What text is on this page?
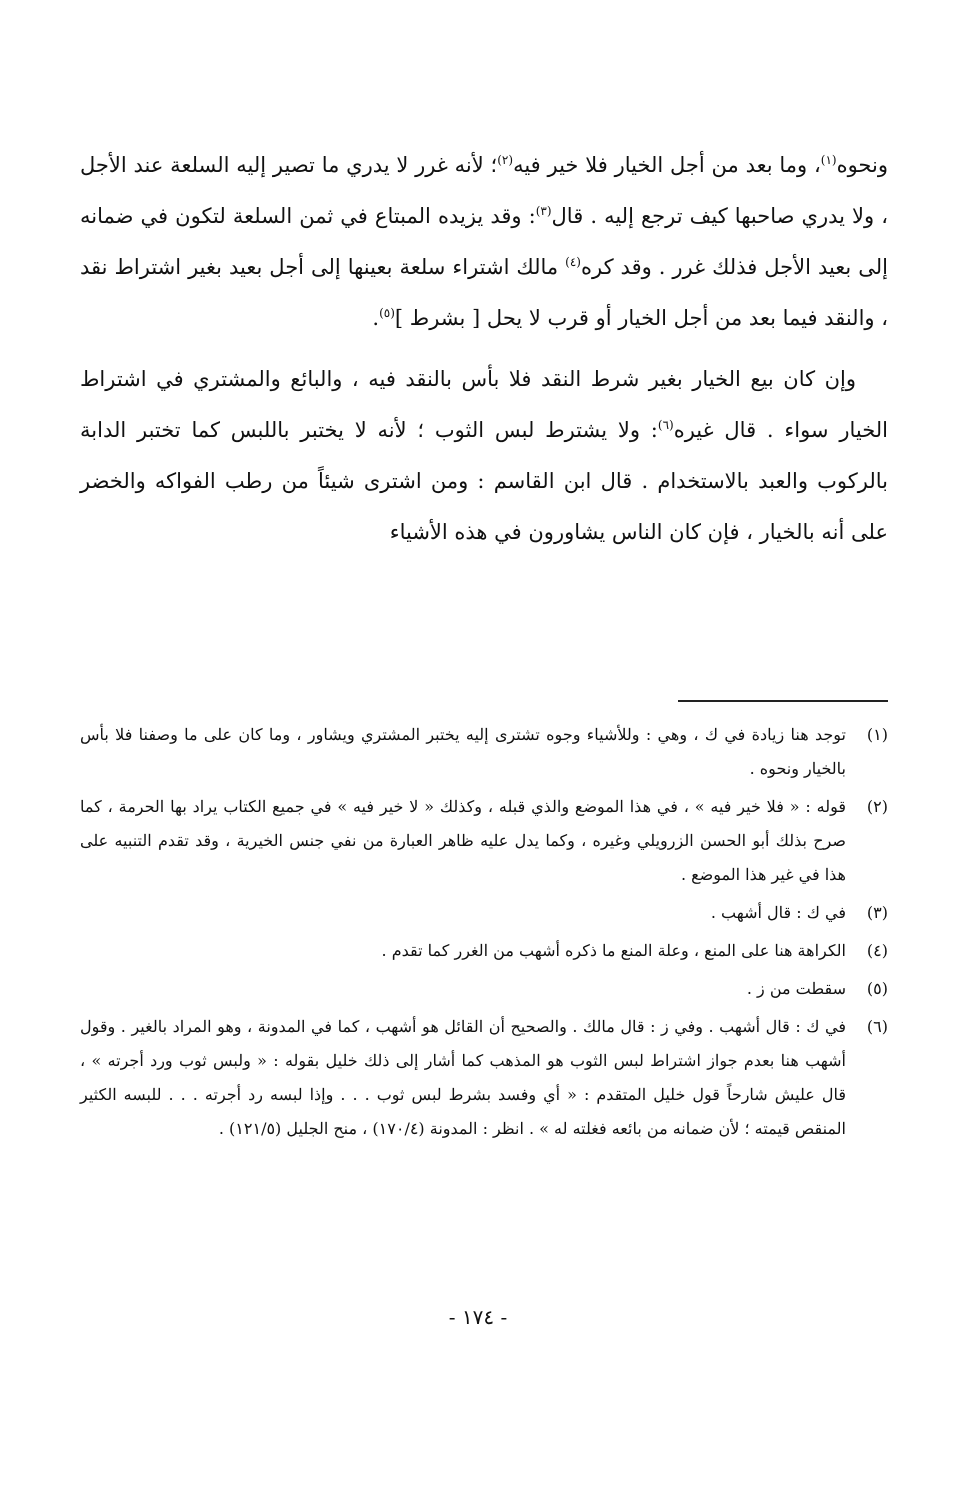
ونحوه$^{(١)}$، وما بعد من أجل الخيار فلا خير فيه$^{(٢)}$؛ لأنه غرر لا يدري ما تصير إليه السلعة عند الأجل ، ولا يدري صاحبها كيف ترجع إليه . قال$^{(٣)}$: وقد يزيده المبتاع في ثمن السلعة لتكون في ضمانه إلى بعيد الأجل فذلك غرر . وقد كره$^{(٤)}$ مالك اشتراء سلعة بعينها إلى أجل بعيد بغير اشتراط نقد ، والنقد فيما بعد من أجل الخيار أو قرب لا يحل [ بشرط ]$^{(٥)}$.

وإن كان بيع الخيار بغير شرط النقد فلا بأس بالنقد فيه ، والبائع والمشتري في اشتراط الخيار سواء . قال غيره$^{(٦)}$: ولا يشترط لبس الثوب ؛ لأنه لا يختبر باللبس كما تختبر الدابة بالركوب والعبد بالاستخدام . قال ابن القاسم : ومن اشترى شيئاً من رطب الفواكه والخضر على أنه بالخيار ، فإن كان الناس يشاورون في هذه الأشياء

(١)
توجد هنا زيادة في ك ، وهي : وللأشياء وجوه تشترى إليه يختبر المشتري ويشاور ، وما كان على ما وصفنا فلا بأس بالخيار ونحوه .
(٢)
قوله : « فلا خير فيه » ، في هذا الموضع والذي قبله ، وكذلك « لا خير فيه » في جميع الكتاب يراد بها الحرمة ، كما صرح بذلك أبو الحسن الزرويلي وغيره ، وكما يدل عليه ظاهر العبارة من نفي جنس الخيرية ، وقد تقدم التنبيه على هذا في غير هذا الموضع .
(٣)
في ك : قال أشهب .
(٤)
الكراهة هنا على المنع ، وعلة المنع ما ذكره أشهب من الغرر كما تقدم .
(٥)
سقطت من ز .
(٦)
في ك : قال أشهب . وفي ز : قال مالك . والصحيح أن القائل هو أشهب ، كما في المدونة ، وهو المراد بالغير . وقول أشهب هنا بعدم جواز اشتراط لبس الثوب هو المذهب كما أشار إلى ذلك خليل بقوله : « ولبس ثوب ورد أجرته » ، قال عليش شارحاً قول خليل المتقدم : « أي وفسد بشرط لبس ثوب . . . وإذا لبسه رد أجرته . . . للبسه الكثير المنقص قيمته ؛ لأن ضمانه من بائعه فغلته له » . انظر : المدونة (١٧٠/٤) ، منح الجليل (١٢١/٥) .
- ١٧٤ -
